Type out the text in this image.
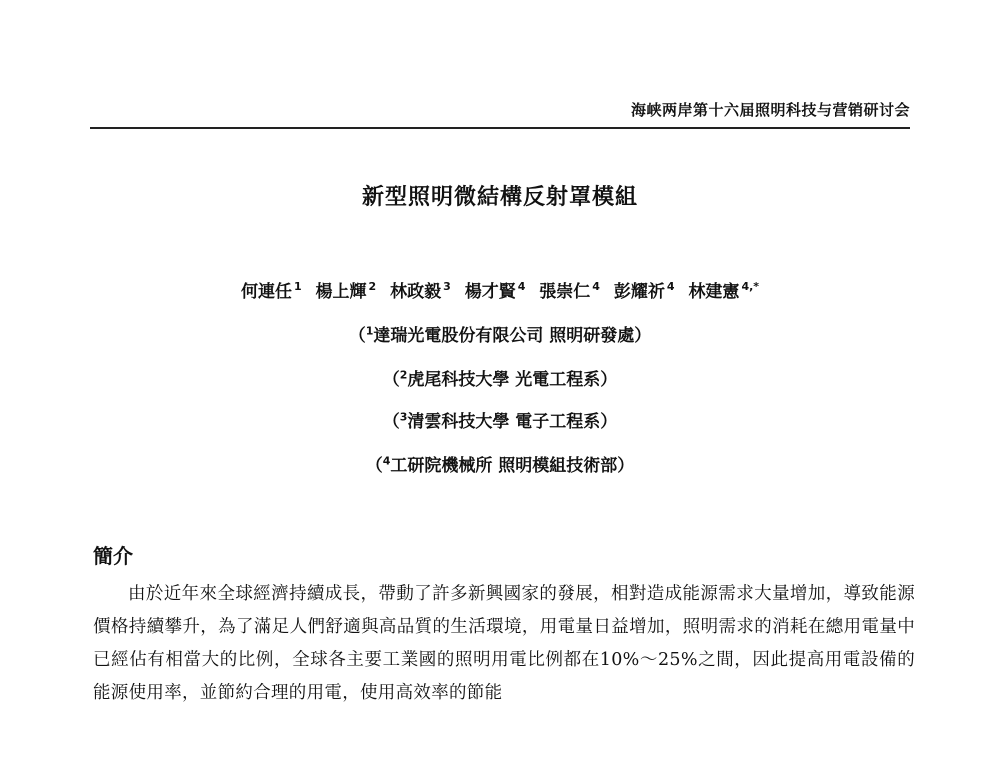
海峡两岸第十六届照明科技与营销研讨会
新型照明微結構反射罩模組
何連任 $^1$ 楊上輝 $^2$ 林政毅 $^3$ 楊才賢 $^4$ 張崇仁 $^4$ 彭耀祈 $^4$ 林建憲 $^{4,*}$
（$^1$達瑞光電股份有限公司 照明研發處）
（$^2$虎尾科技大學 光電工程系）
（$^3$清雲科技大學 電子工程系）
（$^4$工研院機械所 照明模組技術部）
簡介

由於近年來全球經濟持續成長，帶動了許多新興國家的發展，相對造成能源需求大量增加，導致能源價格持續攀升，為了滿足人們舒適與高品質的生活環境，用電量日益增加，照明需求的消耗在總用電量中已經佔有相當大的比例，全球各主要工業國的照明用電比例都在10%～25%之間，因此提高用電設備的能源使用率，並節約合理的用電，使用高效率的節能
